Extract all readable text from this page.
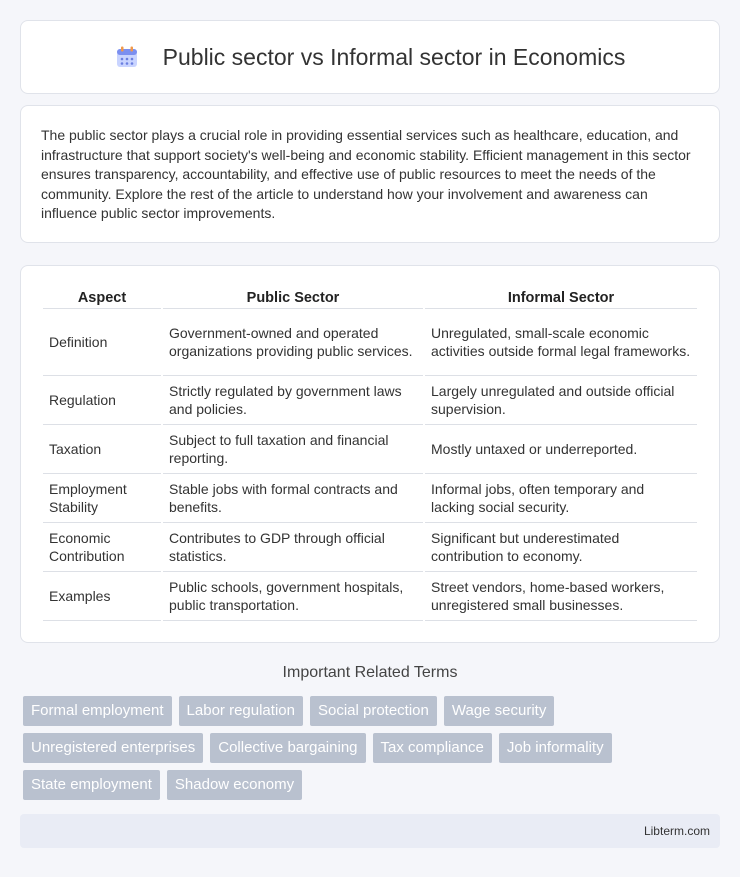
Public sector vs Informal sector in Economics

The public sector plays a crucial role in providing essential services such as healthcare, education, and infrastructure that support society's well-being and economic stability. Efficient management in this sector ensures transparency, accountability, and effective use of public resources to meet the needs of the community. Explore the rest of the article to understand how your involvement and awareness can influence public sector improvements.

Aspect	Public Sector	Informal Sector
Definition	Government-owned and operated organizations providing public services.	Unregulated, small-scale economic activities outside formal legal frameworks.
Regulation	Strictly regulated by government laws and policies.	Largely unregulated and outside official supervision.
Taxation	Subject to full taxation and financial reporting.	Mostly untaxed or underreported.
Employment Stability	Stable jobs with formal contracts and benefits.	Informal jobs, often temporary and lacking social security.
Economic Contribution	Contributes to GDP through official statistics.	Significant but underestimated contribution to economy.
Examples	Public schools, government hospitals, public transportation.	Street vendors, home-based workers, unregistered small businesses.
Important Related Terms
Formal employment	Labor regulation	Social protection	Wage security
Unregistered enterprises	Collective bargaining	Tax compliance	Job informality
State employment	Shadow economy
Libterm.com
